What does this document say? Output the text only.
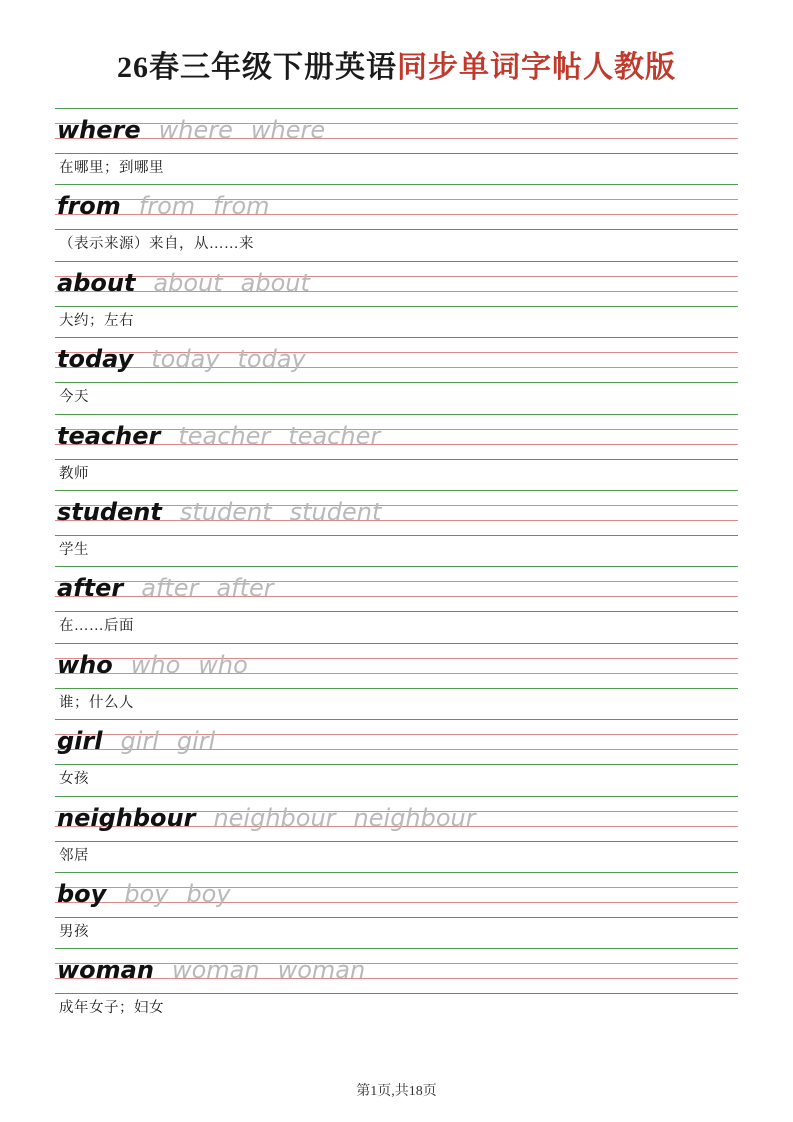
26春三年级下册英语同步单词字帖人教版
where where where
在哪里；到哪里
from from from
（表示来源）来自，从……来
about about about
大约；左右
today today today
今天
teacher teacher teacher
教师
student student student
学生
after after after
在……后面
who who who
谁；什么人
girl girl girl
女孩
neighbour neighbour neighbour
邻居
boy boy boy
男孩
woman woman woman
成年女子；妇女
第1页,共18页
